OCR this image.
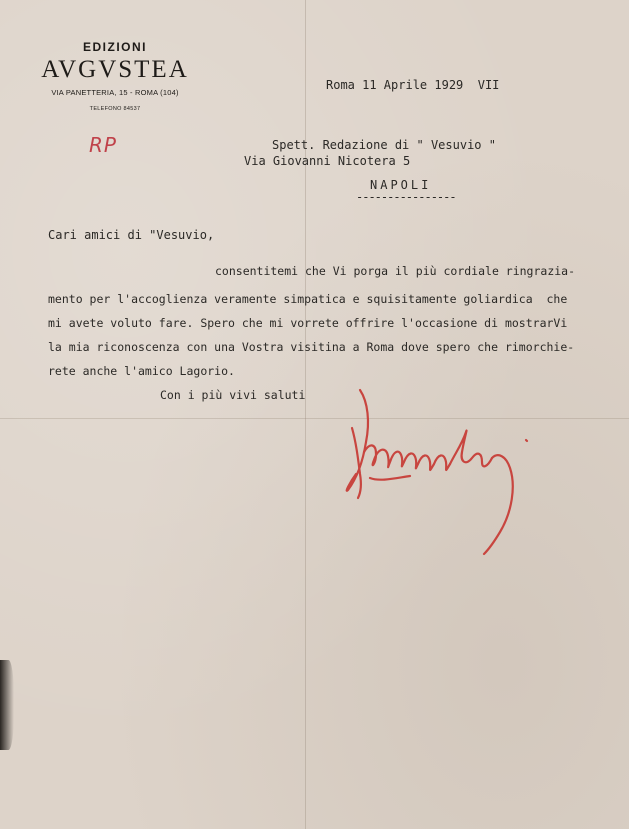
EDIZIONI
AVGVSTEA
VIA PANETTERIA, 15 - ROMA (104)
TELEFONO 84537
RP
Roma 11 Aprile 1929  VII
Spett. Redazione di " Vesuvio "
Via Giovanni Nicotera 5
NAPOLI
----------------
Cari amici di "Vesuvio,
consentitemi che Vi porga il più cordiale ringrazia-
mento per l'accoglienza veramente simpatica e squisitamente goliardica  che
mi avete voluto fare. Spero che mi vorrete offrire l'occasione di mostrarVi
la mia riconoscenza con una Vostra visitina a Roma dove spero che rimorchie-
rete anche l'amico Lagorio.
Con i più vivi saluti
